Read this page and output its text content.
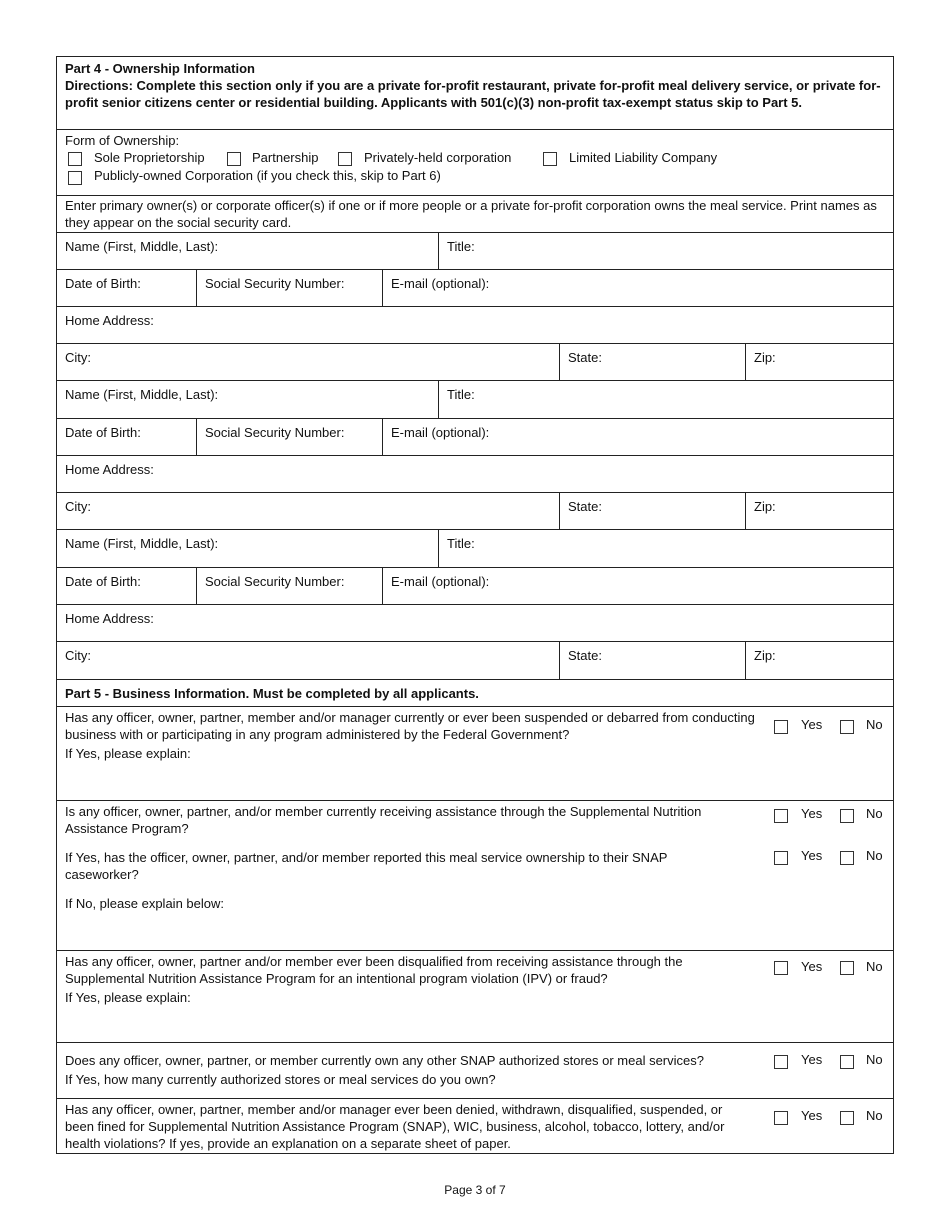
Part 4 - Ownership Information
Directions: Complete this section only if you are a private for-profit restaurant, private for-profit meal delivery service, or private for-profit senior citizens center or residential building. Applicants with 501(c)(3) non-profit tax-exempt status skip to Part 5.
Form of Ownership:
Sole Proprietorship	Partnership	Privately-held corporation	Limited Liability Company
Publicly-owned Corporation (if you check this, skip to Part 6)
Enter primary owner(s) or corporate officer(s) if one or if more people or a private for-profit corporation owns the meal service. Print names as they appear on the social security card.
Name (First, Middle, Last):	Title:
Date of Birth:	Social Security Number:	E-mail (optional):
Home Address:
City:	State:	Zip:
Name (First, Middle, Last):	Title:
Date of Birth:	Social Security Number:	E-mail (optional):
Home Address:
City:	State:	Zip:
Name (First, Middle, Last):	Title:
Date of Birth:	Social Security Number:	E-mail (optional):
Home Address:
City:	State:	Zip:
Part 5 - Business Information. Must be completed by all applicants.
Has any officer, owner, partner, member and/or manager currently or ever been suspended or debarred from conducting business with or participating in any program administered by the Federal Government?
If Yes, please explain:
Yes	No
Is any officer, owner, partner, and/or member currently receiving assistance through the Supplemental Nutrition Assistance Program?
Yes	No
If Yes, has the officer, owner, partner, and/or member reported this meal service ownership to their SNAP caseworker?
Yes	No
If No, please explain below:
Has any officer, owner, partner and/or member ever been disqualified from receiving assistance through the Supplemental Nutrition Assistance Program for an intentional program violation (IPV) or fraud?
If Yes, please explain:
Yes	No
Does any officer, owner, partner, or member currently own any other SNAP authorized stores or meal services?
If Yes, how many currently authorized stores or meal services do you own?
Yes	No
Has any officer, owner, partner, member and/or manager ever been denied, withdrawn, disqualified, suspended, or been fined for Supplemental Nutrition Assistance Program (SNAP), WIC, business, alcohol, tobacco, lottery, and/or health violations? If yes, provide an explanation on a separate sheet of paper.
Yes	No
Page 3 of 7
